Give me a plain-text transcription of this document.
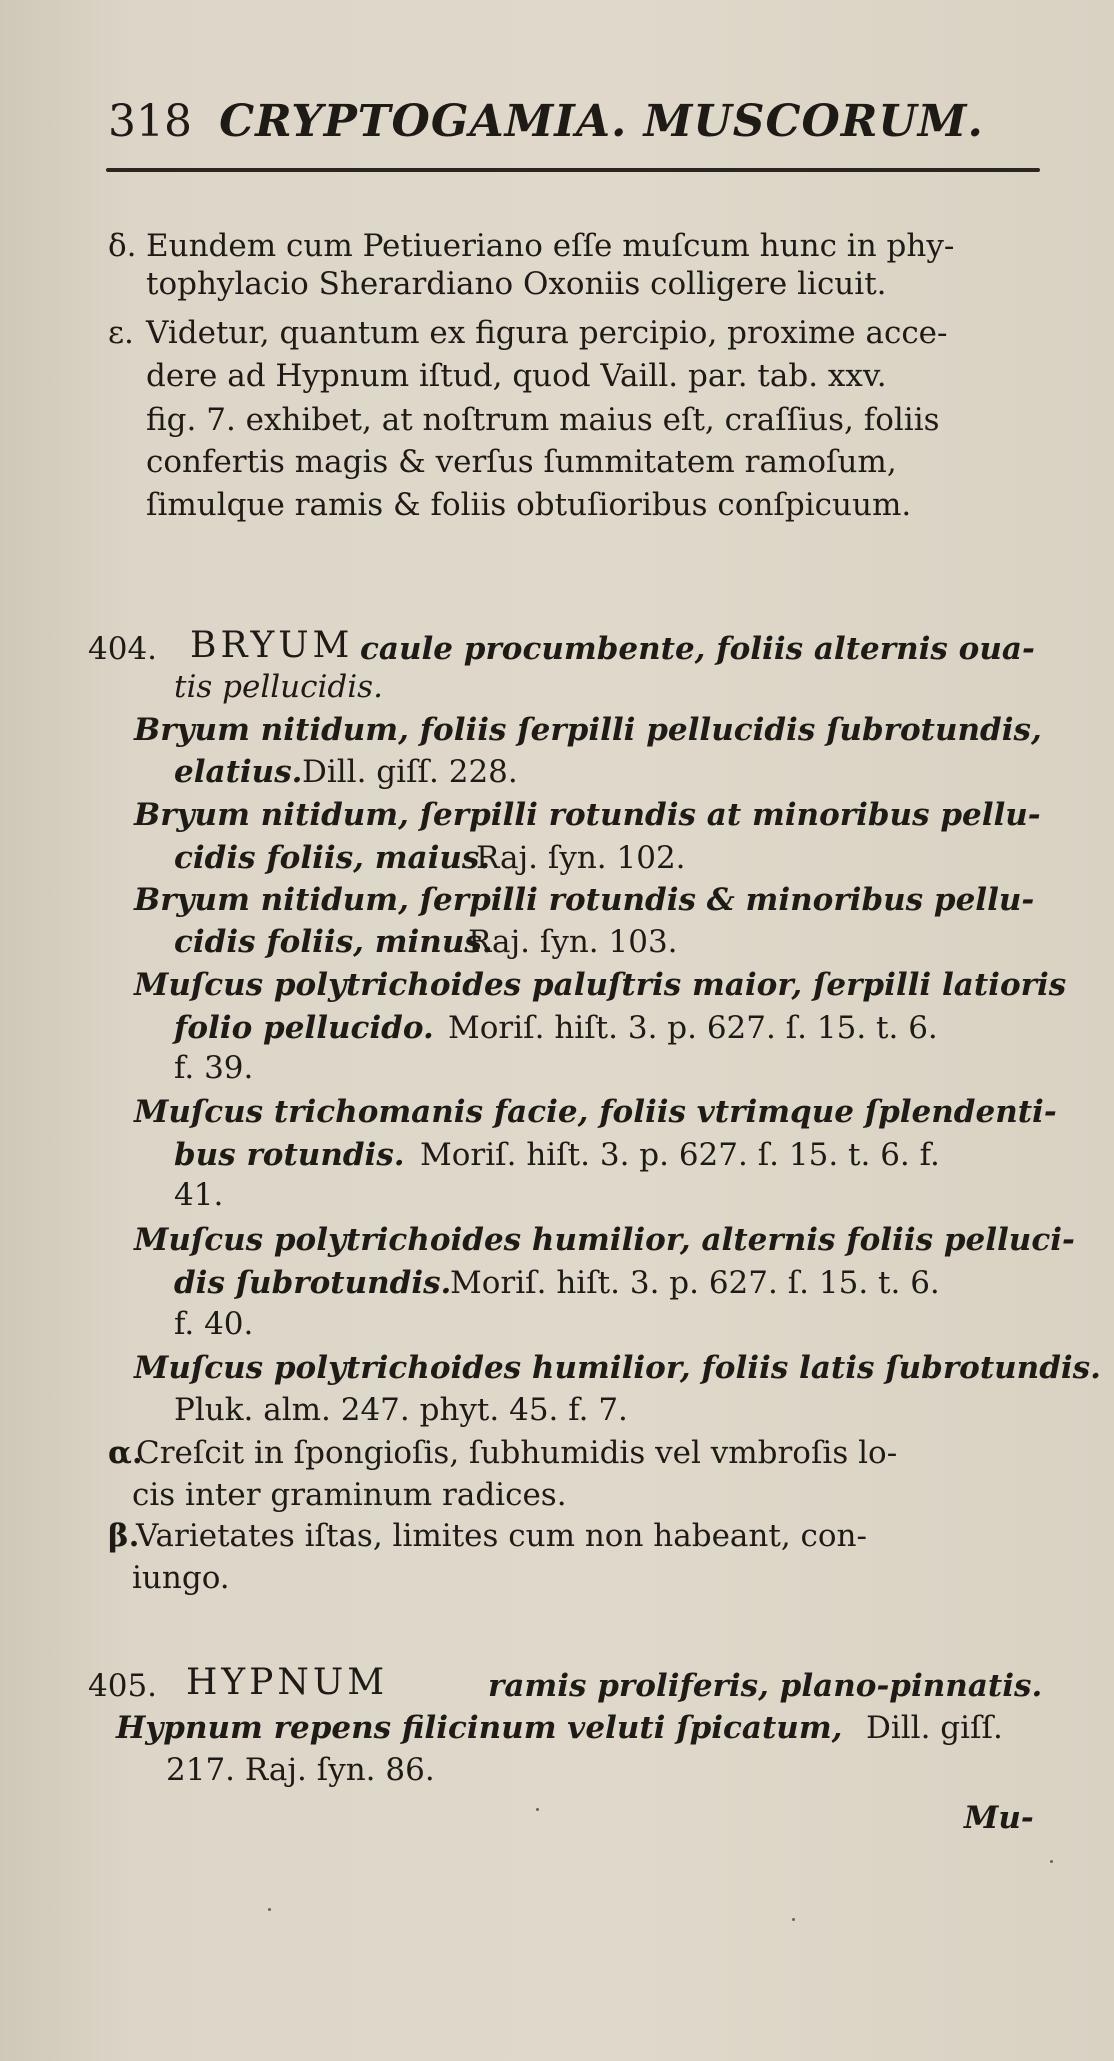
318 CRYPTOGAMIA. MUSCORUM.
δ. Eundem cum Petiueriano eſſe muſcum hunc in phy-
tophylacio Sherardiano Oxoniis colligere licuit.
ε. Videtur, quantum ex figura percipio, proxime acce-
dere ad Hypnum iſtud, quod Vaill. par. tab. xxv.
fig. 7. exhibet, at noſtrum maius eſt, craſſius, foliis
confertis magis & verſus ſummitatem ramoſum,
ſimulque ramis & foliis obtuſioribus conſpicuum.
404. BRYUM caule procumbente, foliis alternis oua-
tis pellucidis.
Bryum nitidum, foliis ſerpilli pellucidis ſubrotundis,
elatius. Dill. giſſ. 228.
Bryum nitidum, ſerpilli rotundis at minoribus pellu-
cidis foliis, maius.
Raj. ſyn. 102.
Bryum nitidum, ſerpilli rotundis & minoribus pellu-
cidis foliis, minus.
Raj. ſyn. 103.
Muſcus polytrichoides paluſtris maior, ſerpilli latioris
folio pellucido. Moriſ. hiſt. 3. p. 627. ſ. 15. t. 6.
f. 39.
Muſcus trichomanis facie, foliis vtrimque ſplendenti-
bus rotundis. Moriſ. hiſt. 3. p. 627. ſ. 15. t. 6. f.
41.
Muſcus polytrichoides humilior, alternis foliis pelluci-
dis ſubrotundis.
Moriſ. hiſt. 3. p. 627. ſ. 15. t. 6.
f. 40.
Muſcus polytrichoides humilior, foliis latis ſubrotundis.
Pluk. alm. 247. phyt. 45. f. 7.
α.
Creſcit in ſpongioſis, ſubhumidis vel vmbroſis lo-
cis inter graminum radices.
β.
Varietates iſtas, limites cum non habeant, con-
iungo.
405. HYPNUM	ramis proliferis, plano-pinnatis.
Hypnum repens filicinum veluti ſpicatum, Dill. giſſ.
217. Raj. ſyn. 86.
Mu-
